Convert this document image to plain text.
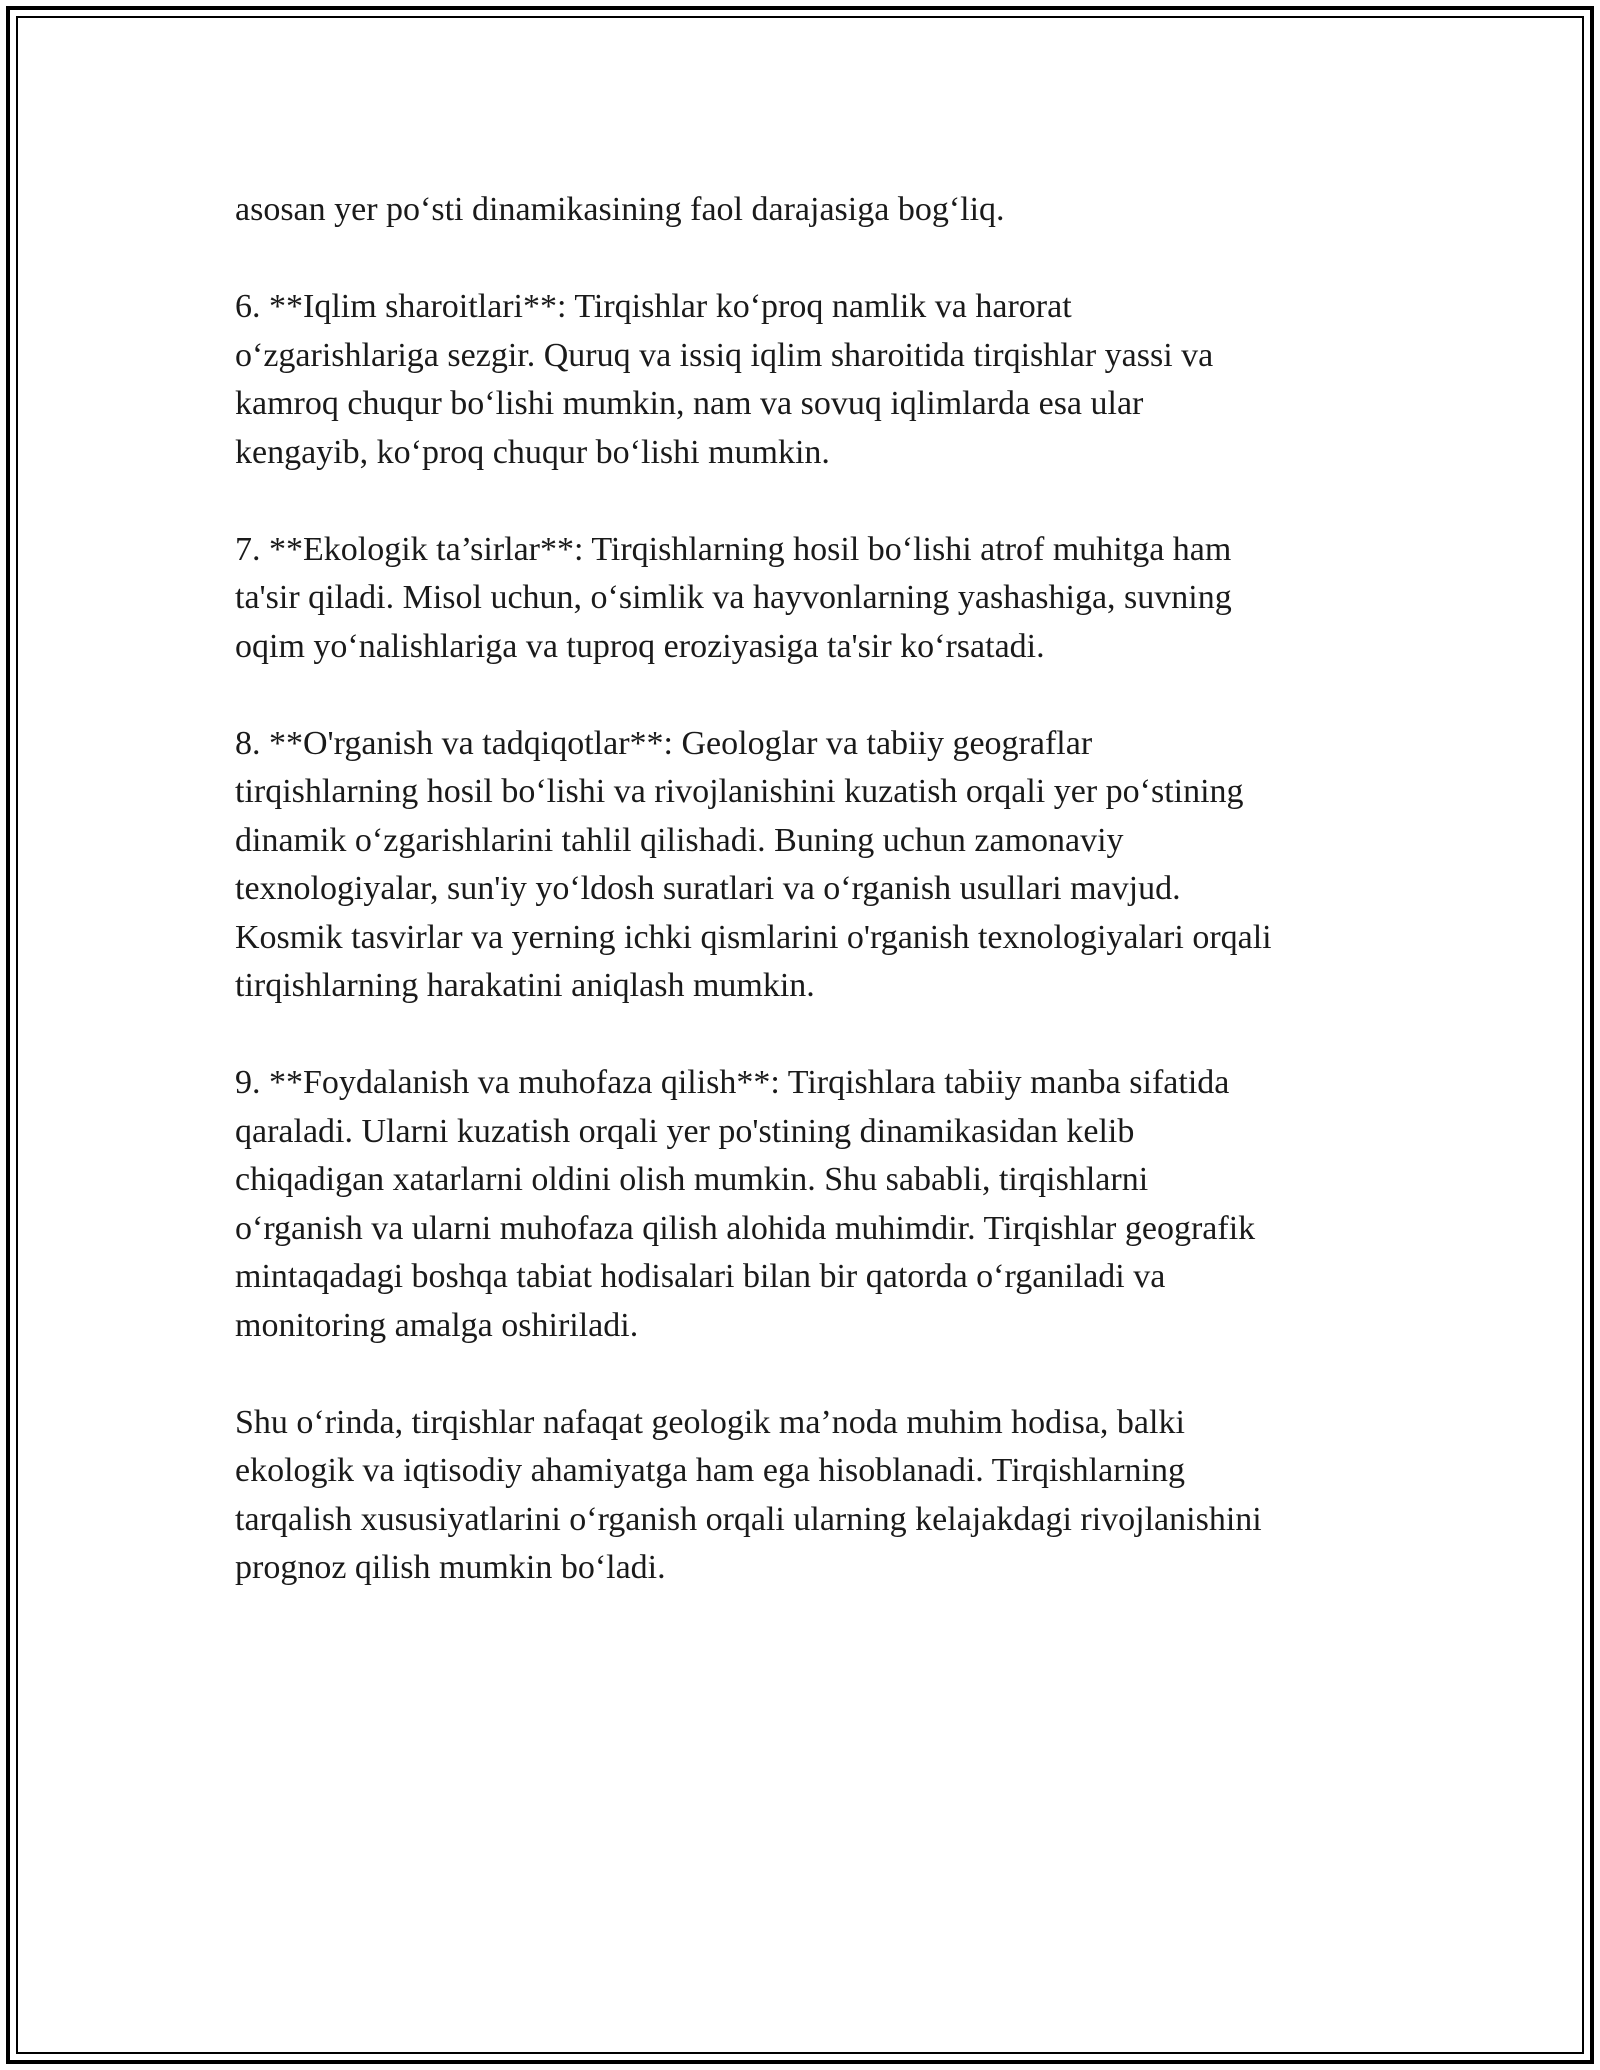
asosan yer po‘sti dinamikasining faol darajasiga bog‘liq.

6. **Iqlim sharoitlari**: Tirqishlar ko‘proq namlik va harorat
o‘zgarishlariga sezgir. Quruq va issiq iqlim sharoitida tirqishlar yassi va
kamroq chuqur bo‘lishi mumkin, nam va sovuq iqlimlarda esa ular
kengayib, ko‘proq chuqur bo‘lishi mumkin.

7. **Ekologik ta’sirlar**: Tirqishlarning hosil bo‘lishi atrof muhitga ham
ta'sir qiladi. Misol uchun, o‘simlik va hayvonlarning yashashiga, suvning
oqim yo‘nalishlariga va tuproq eroziyasiga ta'sir ko‘rsatadi.

8. **O'rganish va tadqiqotlar**: Geologlar va tabiiy geograflar
tirqishlarning hosil bo‘lishi va rivojlanishini kuzatish orqali yer po‘stining
dinamik o‘zgarishlarini tahlil qilishadi. Buning uchun zamonaviy
texnologiyalar, sun'iy yo‘ldosh suratlari va o‘rganish usullari mavjud.
Kosmik tasvirlar va yerning ichki qismlarini o'rganish texnologiyalari orqali
tirqishlarning harakatini aniqlash mumkin.

9. **Foydalanish va muhofaza qilish**: Tirqishlara tabiiy manba sifatida
qaraladi. Ularni kuzatish orqali yer po'stining dinamikasidan kelib
chiqadigan xatarlarni oldini olish mumkin. Shu sababli, tirqishlarni
o‘rganish va ularni muhofaza qilish alohida muhimdir. Tirqishlar geografik
mintaqadagi boshqa tabiat hodisalari bilan bir qatorda o‘rganiladi va
monitoring amalga oshiriladi.

Shu o‘rinda, tirqishlar nafaqat geologik ma’noda muhim hodisa, balki
ekologik va iqtisodiy ahamiyatga ham ega hisoblanadi. Tirqishlarning
tarqalish xususiyatlarini o‘rganish orqali ularning kelajakdagi rivojlanishini
prognoz qilish mumkin bo‘ladi.
